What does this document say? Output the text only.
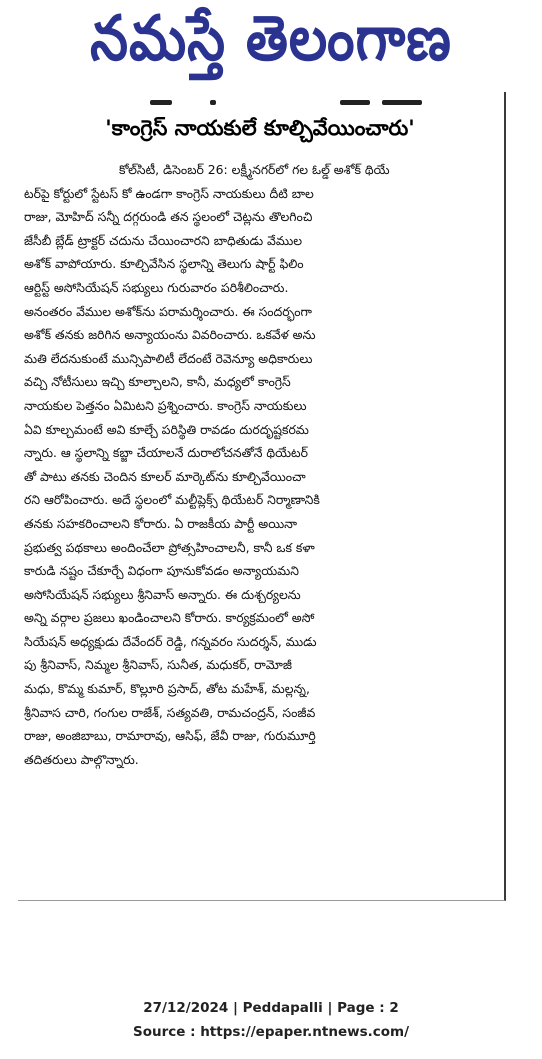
నమస్తే తెలంగాణ
'కాంగ్రెస్ నాయకులే కూల్చివేయించారు'
కోల్‌సిటీ, డిసెంబర్ 26: లక్ష్మీనగర్‌లో గల ఓల్డ్ అశోక్ థియే
టర్‌పై కోర్టులో స్టేటస్ కో ఉండగా కాంగ్రెస్ నాయకులు దీటి బాల
రాజు, మోహిద్ సన్నీ దగ్గరుండి తన స్థలంలో చెట్లను తొలగించి
జేసీబీ బ్లేడ్ ట్రాక్టర్ చదును చేయించారని బాధితుడు వేముల
అశోక్ వాపోయారు. కూల్చివేసిన స్థలాన్ని తెలుగు షార్ట్ ఫిలిం
ఆర్టిస్ట్ అసోసియేషన్ సభ్యులు గురువారం పరిశీలించారు.
అనంతరం వేముల అశోక్‌ను పరామర్శించారు. ఈ సందర్భంగా
అశోక్ తనకు జరిగిన అన్యాయంను వివరించారు. ఒకవేళ అను
మతి లేదనుకుంటే మున్సిపాలిటీ లేదంటే రెవెన్యూ అధికారులు
వచ్చి నోటీసులు ఇచ్చి కూల్చాలని, కానీ, మధ్యలో కాంగ్రెస్
నాయకుల పెత్తనం ఏమిటని ప్రశ్నించారు. కాంగ్రెస్ నాయకులు
ఏవి కూల్చమంటే అవి కూల్చే పరిస్థితి రావడం దురదృష్టకరమ
న్నారు. ఆ స్థలాన్ని కబ్జా చేయాలనే దురాలోచనతోనే థియేటర్
తో పాటు తనకు చెందిన కూలర్ మార్కెట్‌ను కూల్చివేయించా
రని ఆరోపించారు. అదే స్థలంలో మల్టీప్లెక్స్ థియేటర్ నిర్మాణానికి
తనకు సహకరించాలని కోరారు. ఏ రాజకీయ పార్టీ అయినా
ప్రభుత్వ పథకాలు అందించేలా ప్రోత్సహించాలనీ, కానీ ఒక కళా
కారుడి నష్టం చేకూర్చే విధంగా పూనుకోవడం అన్యాయమని
అసోసియేషన్ సభ్యులు శ్రీనివాస్ అన్నారు. ఈ దుశ్చర్యలను
అన్ని వర్గాల ప్రజలు ఖండించాలని కోరారు. కార్యక్రమంలో అసో
సియేషన్ అధ్యక్షుడు దేవేందర్ రెడ్డి, గన్నవరం సుదర్శన్, ముడు
పు శ్రీనివాస్, నిమ్మల శ్రీనివాస్, సునీత, మధుకర్, రామోజీ
మధు, కొమ్మ కుమార్, కొల్లూరి ప్రసాద్, తోట మహేశ్, మల్లన్న,
శ్రీనివాస చారి, గంగుల రాజేశ్, సత్యవతి, రామచంద్రన్, సంజీవ
రాజు, అంజిబాబు, రామారావు, ఆసిఫ్, జేవీ రాజు, గురుమూర్తి
తదితరులు పాల్గొన్నారు.
27/12/2024 | Peddapalli | Page : 2
Source : https://epaper.ntnews.com/
